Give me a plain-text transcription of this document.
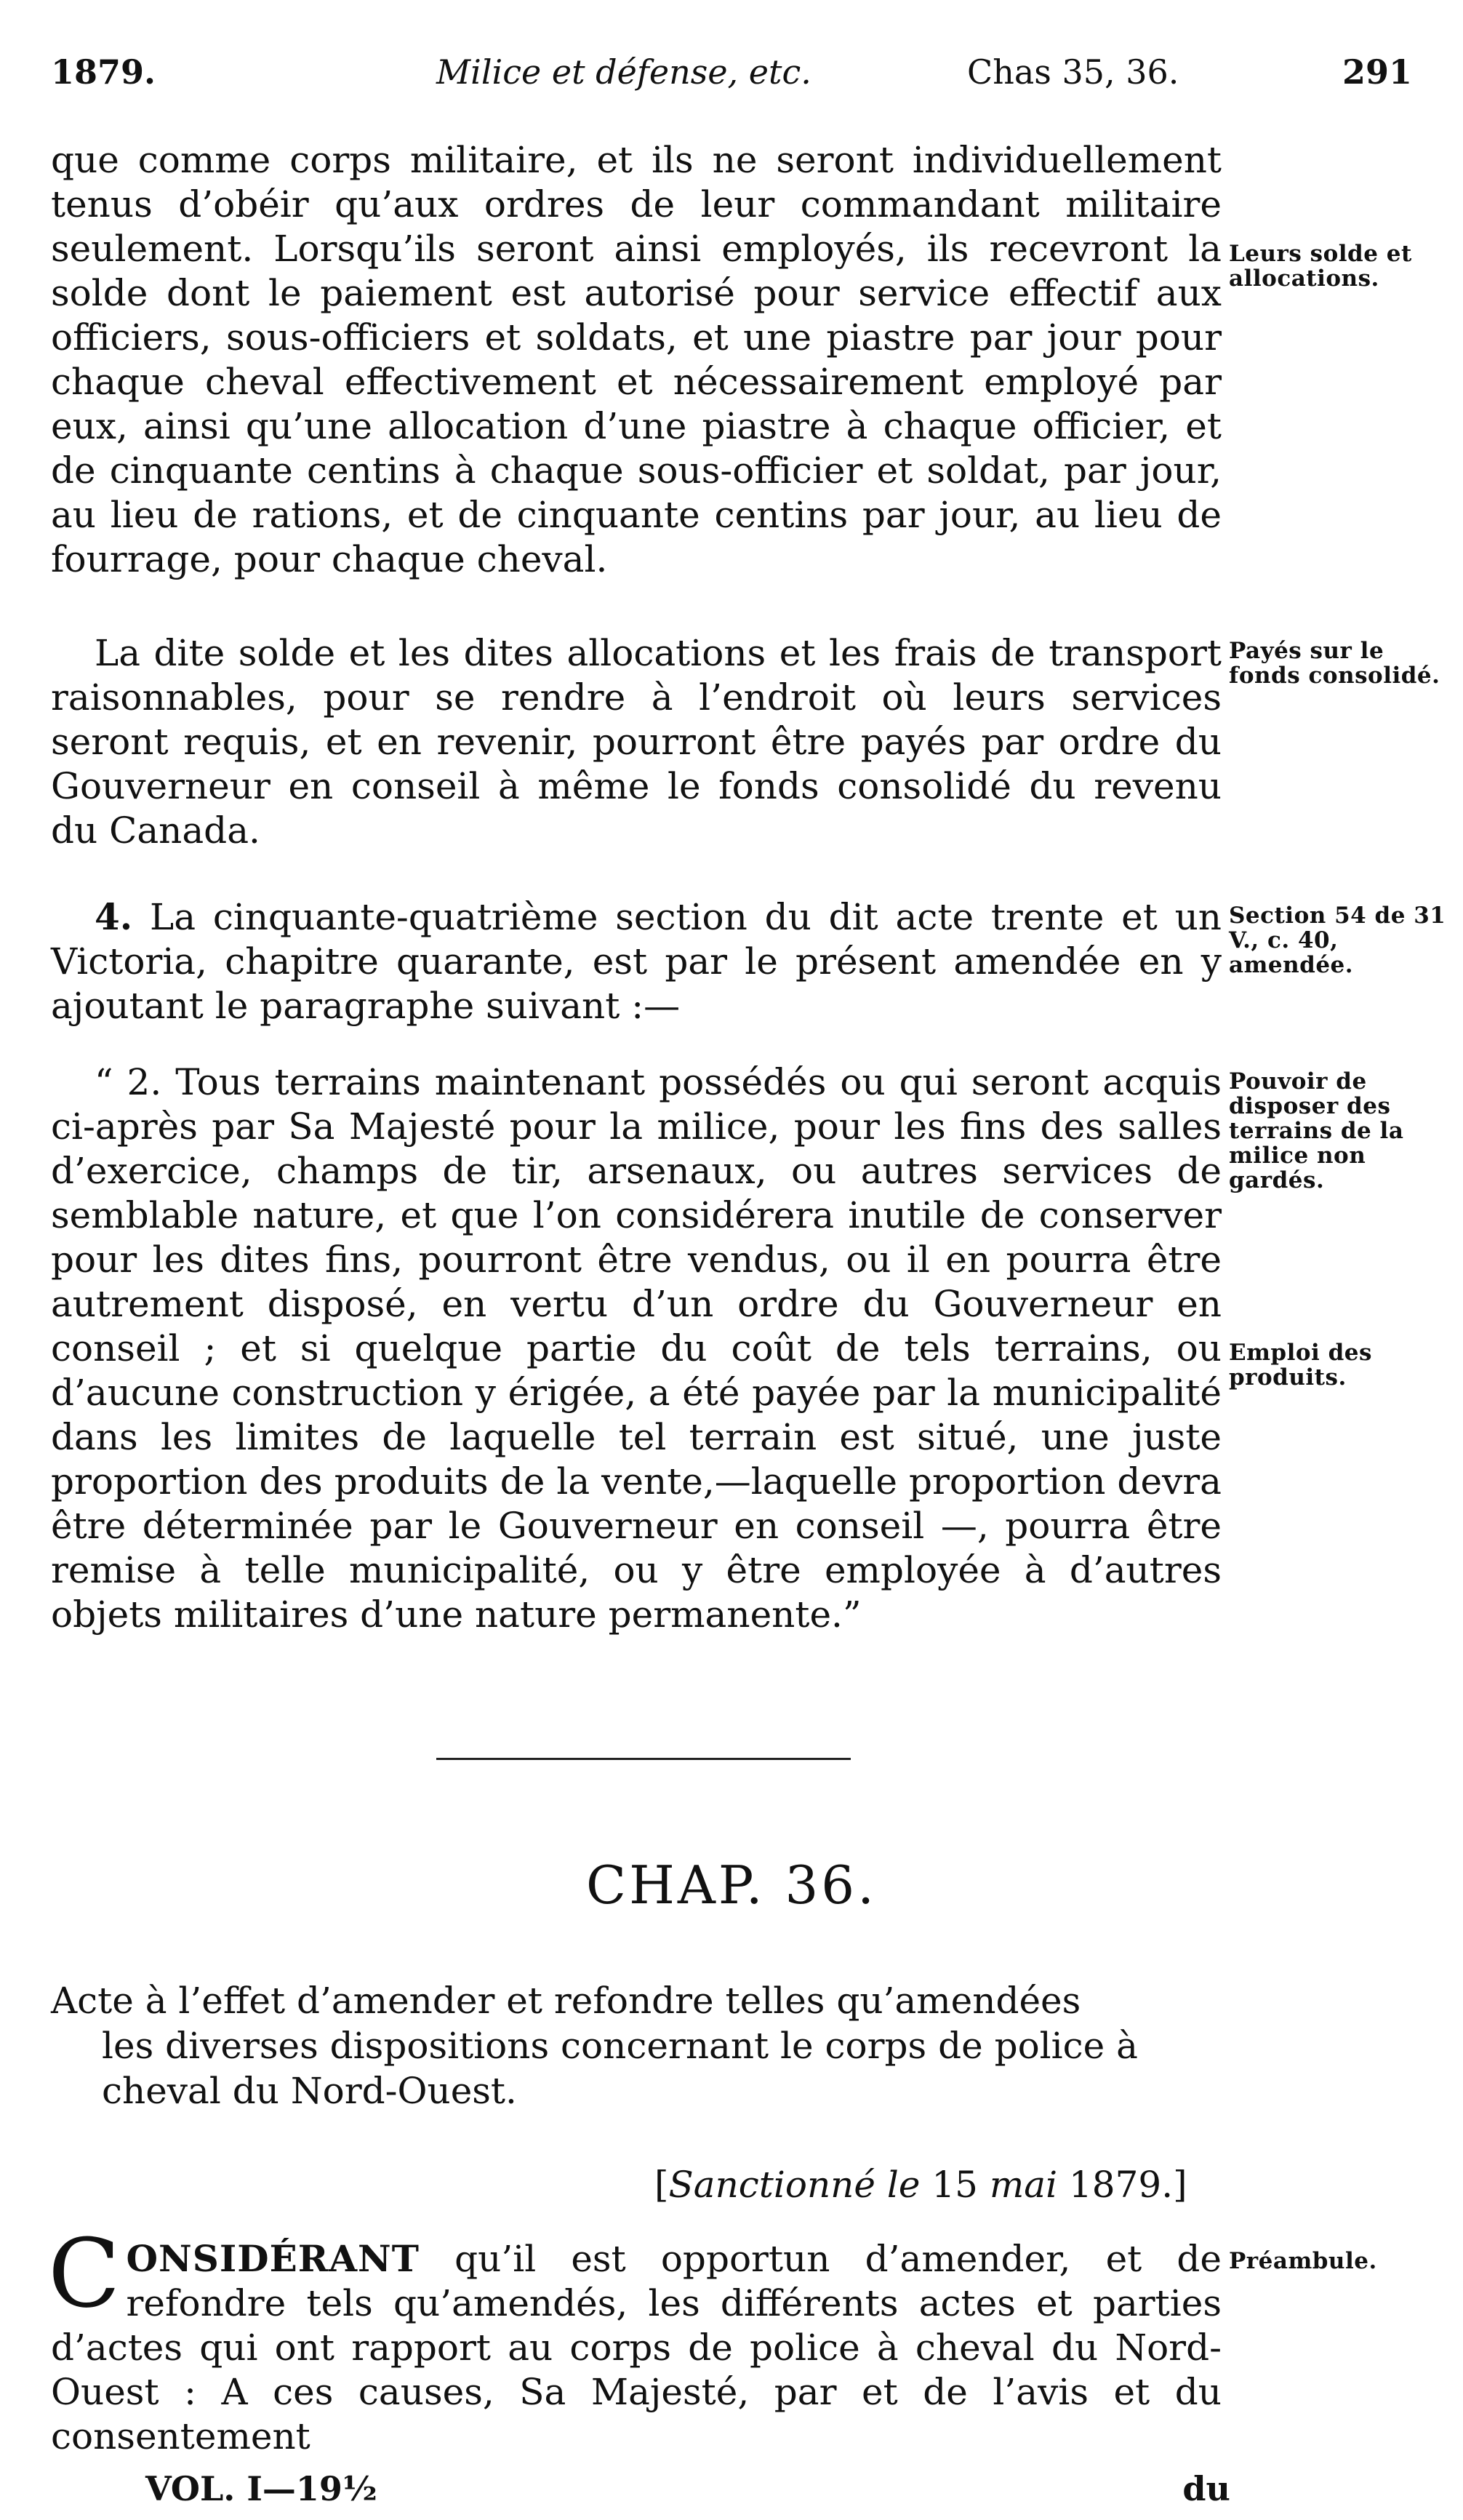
1879.	Milice et défense, etc.	Chas 35, 36.	291

que comme corps militaire, et ils ne seront individuellement tenus d’obéir qu’aux ordres de leur commandant militaire seulement. Lorsqu’ils seront ainsi employés, ils recevront la solde dont le paiement est autorisé pour service effectif aux officiers, sous-officiers et soldats, et une piastre par jour pour chaque cheval effectivement et nécessairement employé par eux, ainsi qu’une allocation d’une piastre à chaque officier, et de cinquante centins à chaque sous-officier et soldat, par jour, au lieu de rations, et de cinquante centins par jour, au lieu de fourrage, pour chaque cheval.

La dite solde et les dites allocations et les frais de transport raisonnables, pour se rendre à l’endroit où leurs services seront requis, et en revenir, pourront être payés par ordre du Gouverneur en conseil à même le fonds consolidé du revenu du Canada.

4. La cinquante-quatrième section du dit acte trente et un Victoria, chapitre quarante, est par le présent amendée en y ajoutant le paragraphe suivant :—

“ 2. Tous terrains maintenant possédés ou qui seront acquis ci-après par Sa Majesté pour la milice, pour les fins des salles d’exercice, champs de tir, arsenaux, ou autres services de semblable nature, et que l’on considérera inutile de conserver pour les dites fins, pourront être vendus, ou il en pourra être autrement disposé, en vertu d’un ordre du Gouverneur en conseil ; et si quelque partie du coût de tels terrains, ou d’aucune construction y érigée, a été payée par la municipalité dans les limites de laquelle tel terrain est situé, une juste proportion des produits de la vente,—laquelle proportion devra être déterminée par le Gouverneur en conseil —, pourra être remise à telle municipalité, ou y être employée à d’autres objets militaires d’une nature permanente.”

Leurs solde et allocations.
Payés sur le fonds consolidé.
Section 54 de 31 V., c. 40, amendée.
Pouvoir de disposer des terrains de la milice non gardés.
Emploi des produits.
CHAP. 36.
Acte à l’effet d’amender et refondre telles qu’amendées
les diverses dispositions concernant le corps de police à cheval du Nord-Ouest.
[Sanctionné le 15 mai 1879.]

CONSIDÉRANT qu’il est opportun d’amender, et de refondre tels qu’amendés, les différents actes et parties d’actes qui ont rapport au corps de police à cheval du Nord-Ouest : A ces causes, Sa Majesté, par et de l’avis et du consentement

Préambule.
VOL. I—19½	du
